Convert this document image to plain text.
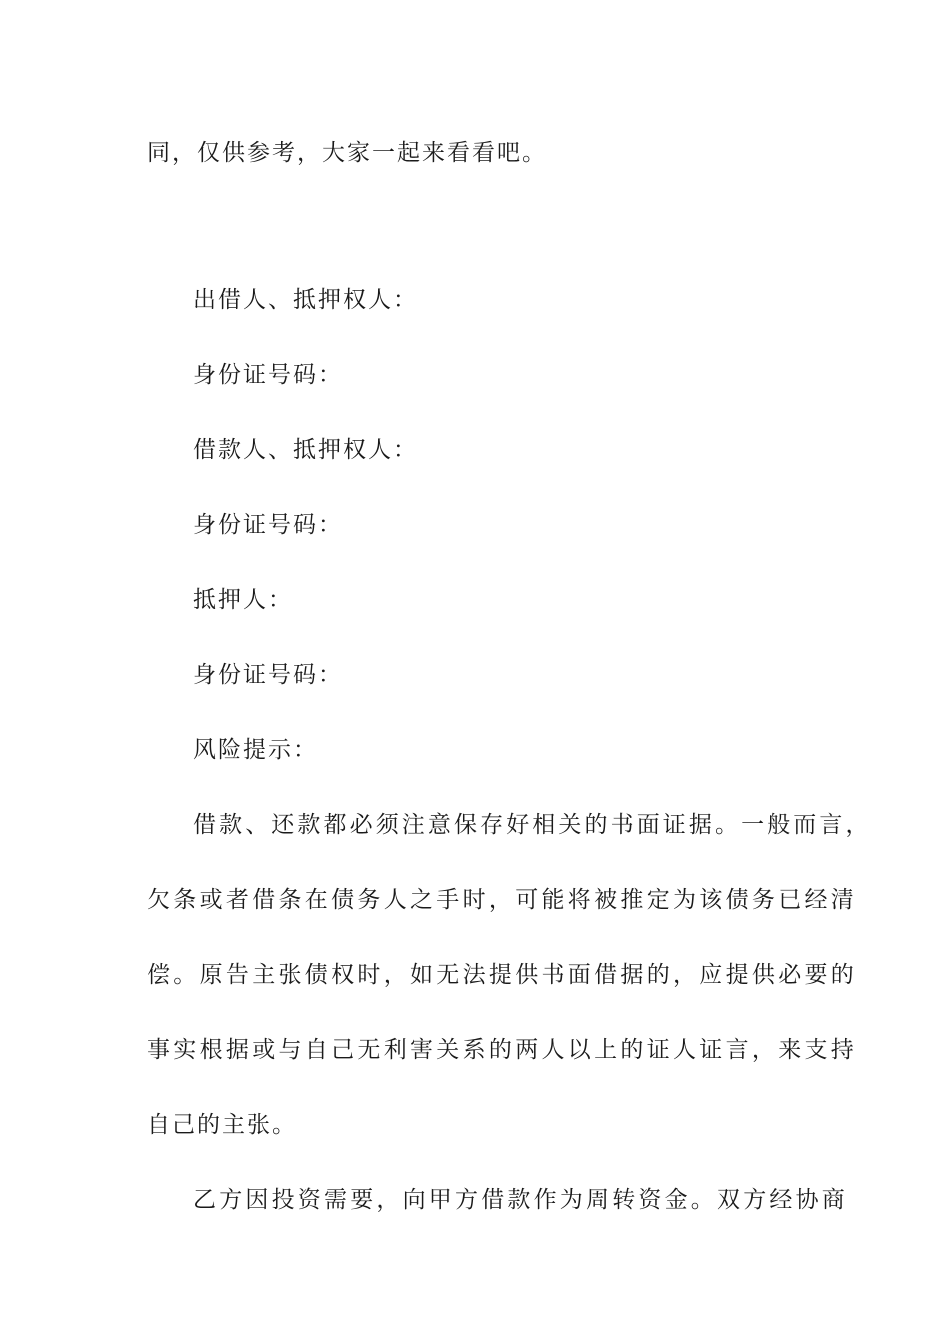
同，仅供参考，大家一起来看看吧。
出借人、抵押权人：
身份证号码：
借款人、抵押权人：
身份证号码：
抵押人：
身份证号码：
风险提示：
借款、还款都必须注意保存好相关的书面证据。一般而言，
欠条或者借条在债务人之手时，可能将被推定为该债务已经清
偿。原告主张债权时，如无法提供书面借据的，应提供必要的
事实根据或与自己无利害关系的两人以上的证人证言，来支持
自己的主张。
乙方因投资需要，向甲方借款作为周转资金。双方经协商
